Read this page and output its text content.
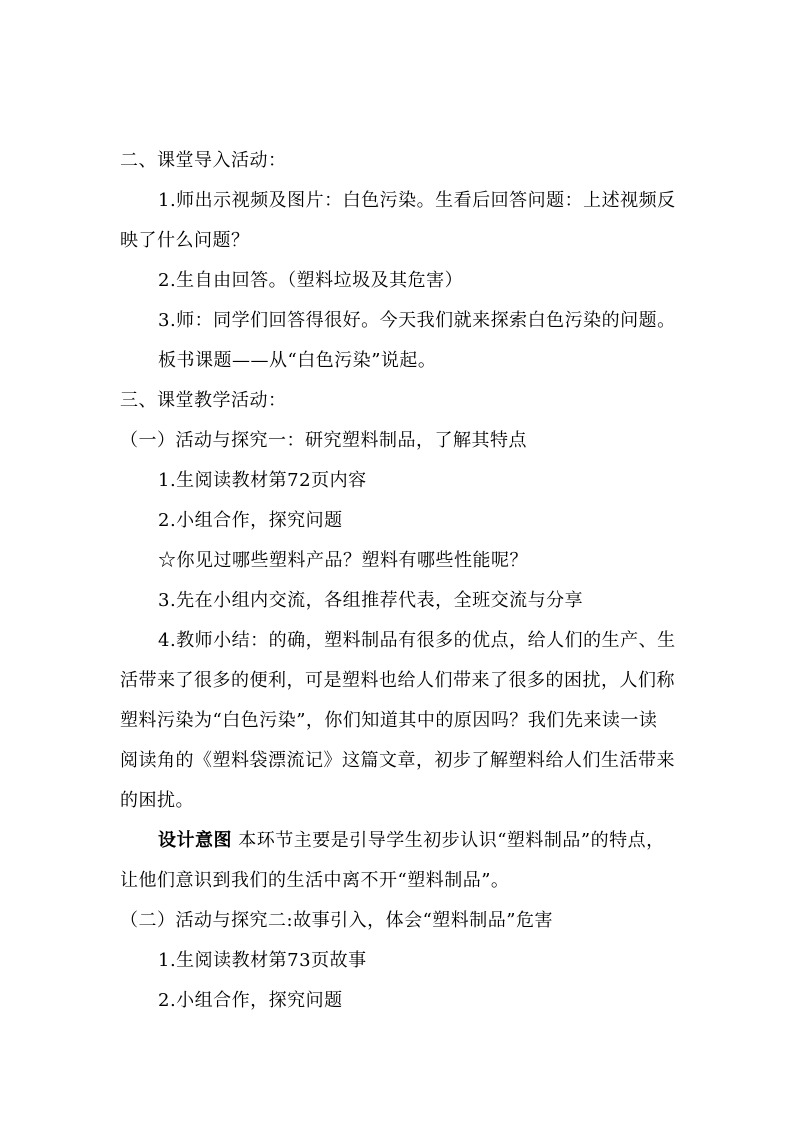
二、课堂导入活动：
1.师出示视频及图片：白色污染。生看后回答问题：上述视频反
映了什么问题？
2.生自由回答。（塑料垃圾及其危害）
3.师：同学们回答得很好。今天我们就来探索白色污染的问题。
板书课题——从“白色污染”说起。
三、课堂教学活动：
（一）活动与探究一：研究塑料制品，了解其特点
1.生阅读教材第72页内容
2.小组合作，探究问题
☆你见过哪些塑料产品？塑料有哪些性能呢？
3.先在小组内交流，各组推荐代表，全班交流与分享
4.教师小结：的确，塑料制品有很多的优点，给人们的生产、生
活带来了很多的便利，可是塑料也给人们带来了很多的困扰，人们称
塑料污染为“白色污染”，你们知道其中的原因吗？我们先来读一读
阅读角的《塑料袋漂流记》这篇文章，初步了解塑料给人们生活带来
的困扰。
设计意图 本环节主要是引导学生初步认识“塑料制品”的特点，
让他们意识到我们的生活中离不开“塑料制品”。
（二）活动与探究二:故事引入，体会“塑料制品”危害
1.生阅读教材第73页故事
2.小组合作，探究问题
